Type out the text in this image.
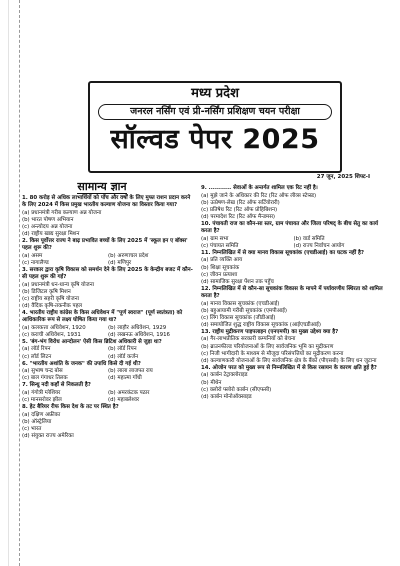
मध्य प्रदेश
जनरल नर्सिंग एवं प्री-नर्सिंग प्रशिक्षण चयन परीक्षा
सॉल्वड पेपर 2025
27 जून, 2025 शिफ्ट-I
सामान्य ज्ञान
1. 80 करोड़ से अधिक लाभार्थियों को पाँच और वर्षों के लिए मुफ्त राशन प्रदान करने के लिए 2024 में किस प्रमुख भारतीय कल्याण योजना का विस्तार किया गया?
(a) प्रधानमंत्री गरीब कल्याण अन्न योजना
(b) भारत पोषण अभियान
(c) अन्त्योदय अन्न योजना
(d) राष्ट्रीय खाद्य सुरक्षा मिशन
2. किस पूर्वोत्तर राज्य ने बाढ़ प्रभावित बच्चों के लिए 2025 में 'स्कूल इन ए बॉक्स' पहल शुरू की?
(a) असम	(b) अरुणाचल प्रदेश
(c) नागालैण्ड	(d) मणिपुर
3. सरकार द्वारा कृषि विकास को समर्थन देने के लिए 2025 के केन्द्रीय बजट में कौन-सी पहल शुरू की गई?
(a) प्रधानमंत्री धन-धान्य कृषि योजना
(b) डिजिटल कृषि मिशन
(c) राष्ट्रीय सहरी कृषि योजना
(d) वैदिक कृषि-तकनीक पहल
4. भारतीय राष्ट्रीय कांग्रेस के किस अधिवेशन में "पूर्ण स्वराज" (पूर्ण स्वतंत्रता) को आधिकारिक रूप से लक्ष्य घोषित किया गया था?
(a) कलकत्ता अधिवेशन, 1920	(b) लाहौर अधिवेशन, 1929
(c) कराची अधिवेशन, 1931	(d) लखनऊ अधिवेशन, 1916
5. 'बंग-भंग विरोध आन्दोलन' ऐसी किस ब्रिटिश अधिकारी से जुड़ा था?
(a) लॉर्ड रिपन	(b) लॉर्ड रिपन
(c) लॉर्ड लिटन	(d) लॉर्ड कर्जन
6. "भारतीय अशांति के जनक" की उपाधि किसे दी गई थी?
(a) सुभाष चन्द्र बोस	(b) लाला लाजपत राय
(c) बाल गंगाधर तिलक	(d) महात्मा गाँधी
7. सिन्धु नदी कहाँ से निकलती है?
(a) गंगोत्री ग्लेशियर	(b) अमरकंटक पठार
(c) मानसरोवर झील	(d) महाबलेश्वर
8. हेट बैरियर रीफ किस देश के तट पर स्थित है?
(a) दक्षिण अफ्रीका
(b) ऑस्ट्रेलिया
(c) भारत
(d) संयुक्त राज्य अमेरिका
9. ........... सेवाओं के अन्तर्गत शामिल एक रिट नहीं है।
(a) मुझे जाने के अधिकार की रिट (रिट ऑफ लीव्स स्टेप्स्ड)
(b) उत्प्रेषण-लेख (रिट ऑफ सर्टियोरारी)
(c) प्रतिषेध रिट (रिट ऑफ प्रोहिबिशन)
(d) परमादेश रिट (रिट ऑफ मैन्डमस)
10. पंचायती राज का कौन-सा स्तर, ग्राम पंचायत और जिला परिषद् के बीच सेतु का कार्य करता है?
(a) ग्राम सभा	(b) वार्ड समिति
(c) पंचायत समिति	(d) राज्य निर्वाचन आयोग
11. निम्नलिखित में से क्या मानव विकास सूचकांक (एचडीआई) का घटक नहीं है?
(a) प्रति व्यक्ति आय
(b) शिक्षा सूचकांक
(c) जीवन प्रत्याशा
(d) सामाजिक सुरक्षा पेंशन तक पहुँच
12. निम्नलिखित में से कौन-सा सूचकांक विकास के मापने में पर्यावरणीय स्थिरता को शामिल करता है?
(a) मानव विकास सूचकांक (एचडीआई)
(b) बहुआयामी गरीबी सूचकांक (एमपीआई)
(c) लिंग विकास सूचकांक (जीडीआई)
(d) समायोजित शुद्ध राष्ट्रीय विकास सूचकांक (आईएचडीआई)
13. राष्ट्रीय मुद्रीकरण पाइपलाइन (एनएमपी) का मुख्य उद्देश्य क्या है?
(a) गैर-लाभप्रीतिक सरकारी कम्पनियों को बेचना
(b) ब्राउनफील्ड परियोजनाओं के लिए सार्वजनिक भूमि का मुद्रीकरण
(c) निजी भागीदारी के माध्यम से मौजूदा परिसंपत्तियों का मुद्रीकरण करना
(d) कल्याणकारी योजनाओं के लिए सार्वजनिक क्षेत्र के बैंकों (पीएसबी) के लिए धन जुटाना
14. ओजोन परत को मुख्य रूप से निम्नलिखित में से किस रसायन के कारण क्षति हुई है?
(a) कार्बन टेट्राक्लोराइड
(b) मीथेन
(c) क्लोरो फ्लोरो कार्बन (सीएफसी)
(d) कार्बन मोनोऑक्साइड
